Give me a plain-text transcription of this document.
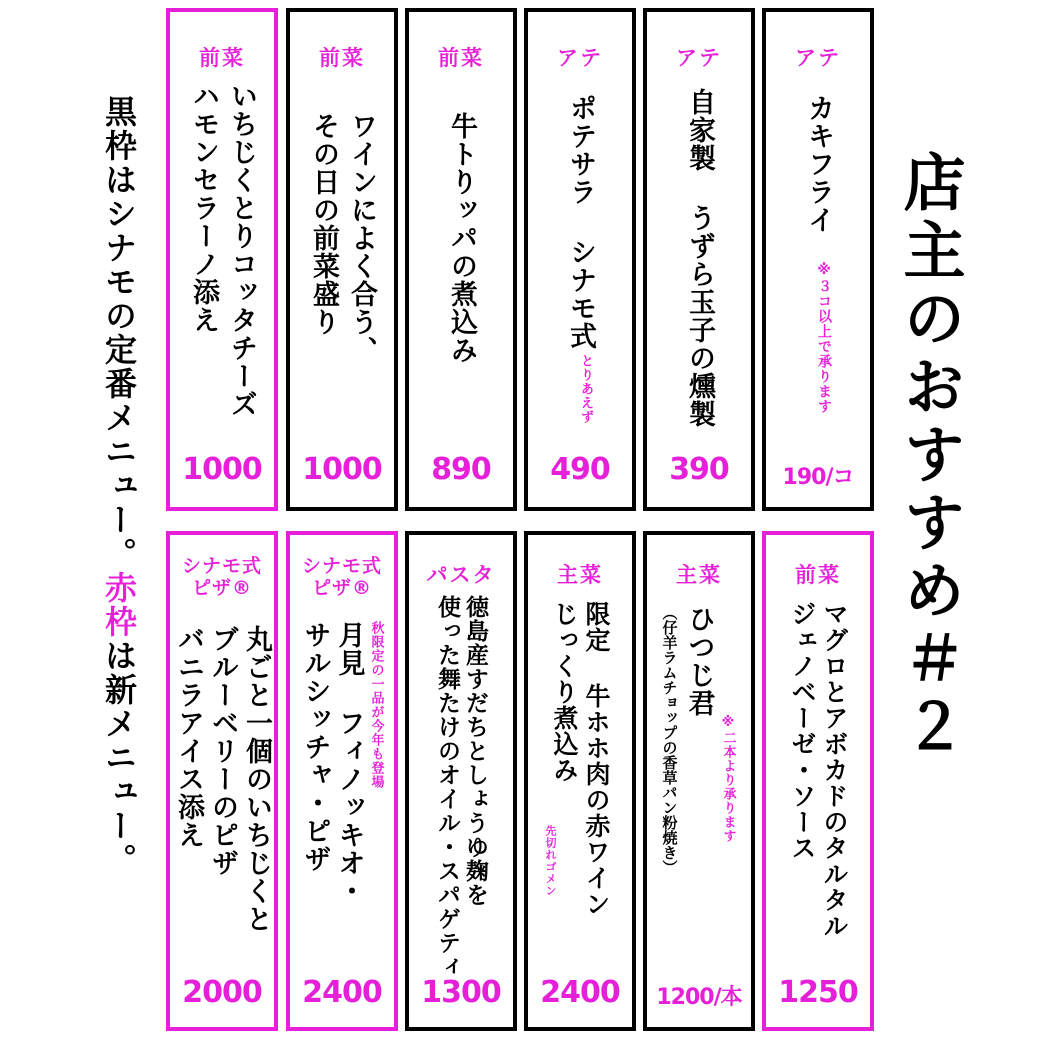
前菜
いちじくとりコッタチーズ
ハモンセラーノ添え
1000
前菜
ワインによく合う、
その日の前菜盛り
1000
前菜
牛トりッパの煮込み
890
アテ
ポテサラ シナモ式
とりあえず
490
アテ
自家製 うずら玉子の燻製
390
アテ
カキフライ
※３コ以上で承ります
190/コ
シナモ式ピザ®
丸ごと一個のいちじくと
ブルーベリーのピザ
バニラアイス添え
2000
シナモ式ピザ®
秋限定の一品が今年も登場
月見 フィノッキオ・
サルシッチャ・ピザ
2400
パスタ
徳島産すだちとしょうゆ麹を
使った舞たけのオイル・スパゲティ
1300
主菜
限定 牛ホホ肉の赤ワイン
じっくり煮込み
先切れゴメン
2400
主菜
※二本より承ります
ひつじ君
（仔羊ラムチョップの香草パン粉焼き）
1200/本
前菜
マグロとアボカドのタルタル
ジェノベーゼ・ソース
1250
黒枠はシナモの定番メニュー。赤枠は新メニュー。	店主のおすすめ＃２
